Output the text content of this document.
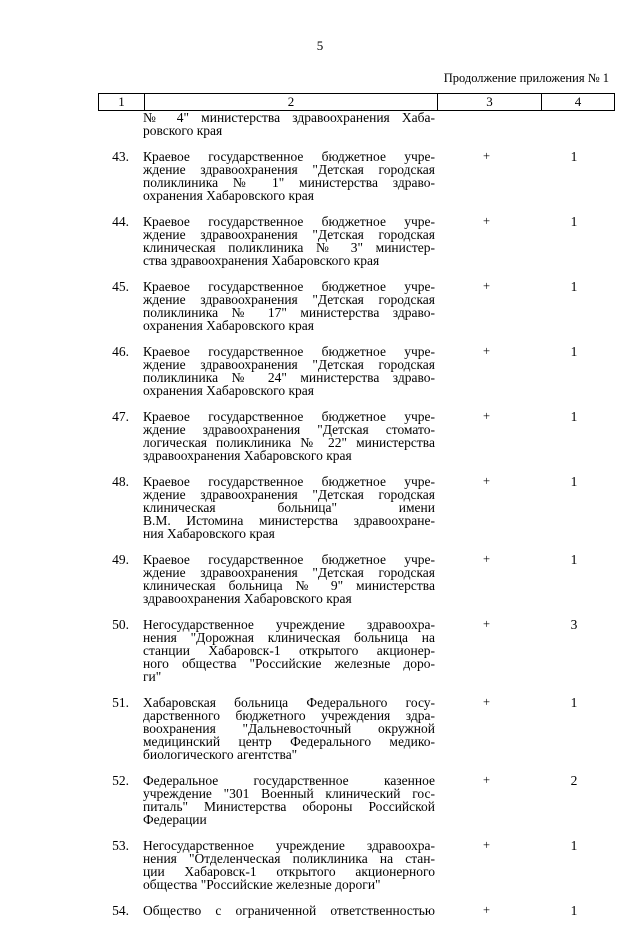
5
Продолжение приложения № 1
1	2	3	4
№ 4" министерства здравоохранения Хаба-
ровского края
43.	Краевое государственное бюджетное учре-
ждение здравоохранения "Детская городская
поликлиника № 1" министерства здраво-
охранения Хабаровского края
+	1
44.	Краевое государственное бюджетное учре-
ждение здравоохранения "Детская городская
клиническая поликлиника № 3" министер-
ства здравоохранения Хабаровского края
+	1
45.	Краевое государственное бюджетное учре-
ждение здравоохранения "Детская городская
поликлиника № 17" министерства здраво-
охранения Хабаровского края
+	1
46.	Краевое государственное бюджетное учре-
ждение здравоохранения "Детская городская
поликлиника № 24" министерства здраво-
охранения Хабаровского края
+	1
47.	Краевое государственное бюджетное учре-
ждение здравоохранения "Детская стомато-
логическая поликлиника № 22" министерства
здравоохранения Хабаровского края
+	1
48.	Краевое государственное бюджетное учре-
ждение здравоохранения "Детская городская
клиническая больница" имени
В.М. Истомина министерства здравоохране-
ния Хабаровского края
+	1
49.	Краевое государственное бюджетное учре-
ждение здравоохранения "Детская городская
клиническая больница № 9" министерства
здравоохранения Хабаровского края
+	1
50.	Негосударственное учреждение здравоохра-
нения "Дорожная клиническая больница на
станции Хабаровск-1 открытого акционер-
ного общества "Российские железные доро-
ги"
+	3
51.	Хабаровская больница Федерального госу-
дарственного бюджетного учреждения здра-
воохранения "Дальневосточный окружной
медицинский центр Федерального медико-
биологического агентства"
+	1
52.	Федеральное государственное казенное
учреждение "301 Военный клинический гос-
питаль" Министерства обороны Российской
Федерации
+	2
53.	Негосударственное учреждение здравоохра-
нения "Отделенческая поликлиника на стан-
ции Хабаровск-1 открытого акционерного
общества "Российские железные дороги"
+	1
54.	Общество с ограниченной ответственностью	+	1
